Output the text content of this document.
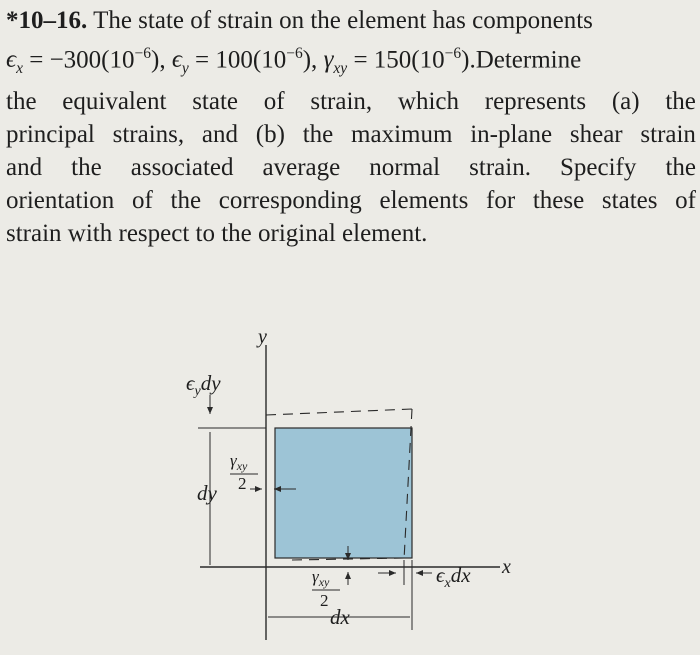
*10–16. The state of strain on the element has components
$\epsilon_x = -300(10^{-6})$, $\epsilon_y = 100(10^{-6})$, $\gamma_{xy}$ = $150(10^{-6}).Determine$
the equivalent state of strain, which represents (a) the
principal strains, and (b) the maximum in-plane shear strain
and the associated average normal strain. Specify the
orientation of the corresponding elements for these states of
strain with respect to the original element.
y
x
$\epsilon_ydy$
dy
$\gamma_{xy}$
2
$\gamma_{xy}$
2
$\epsilon_xdx$
dx
